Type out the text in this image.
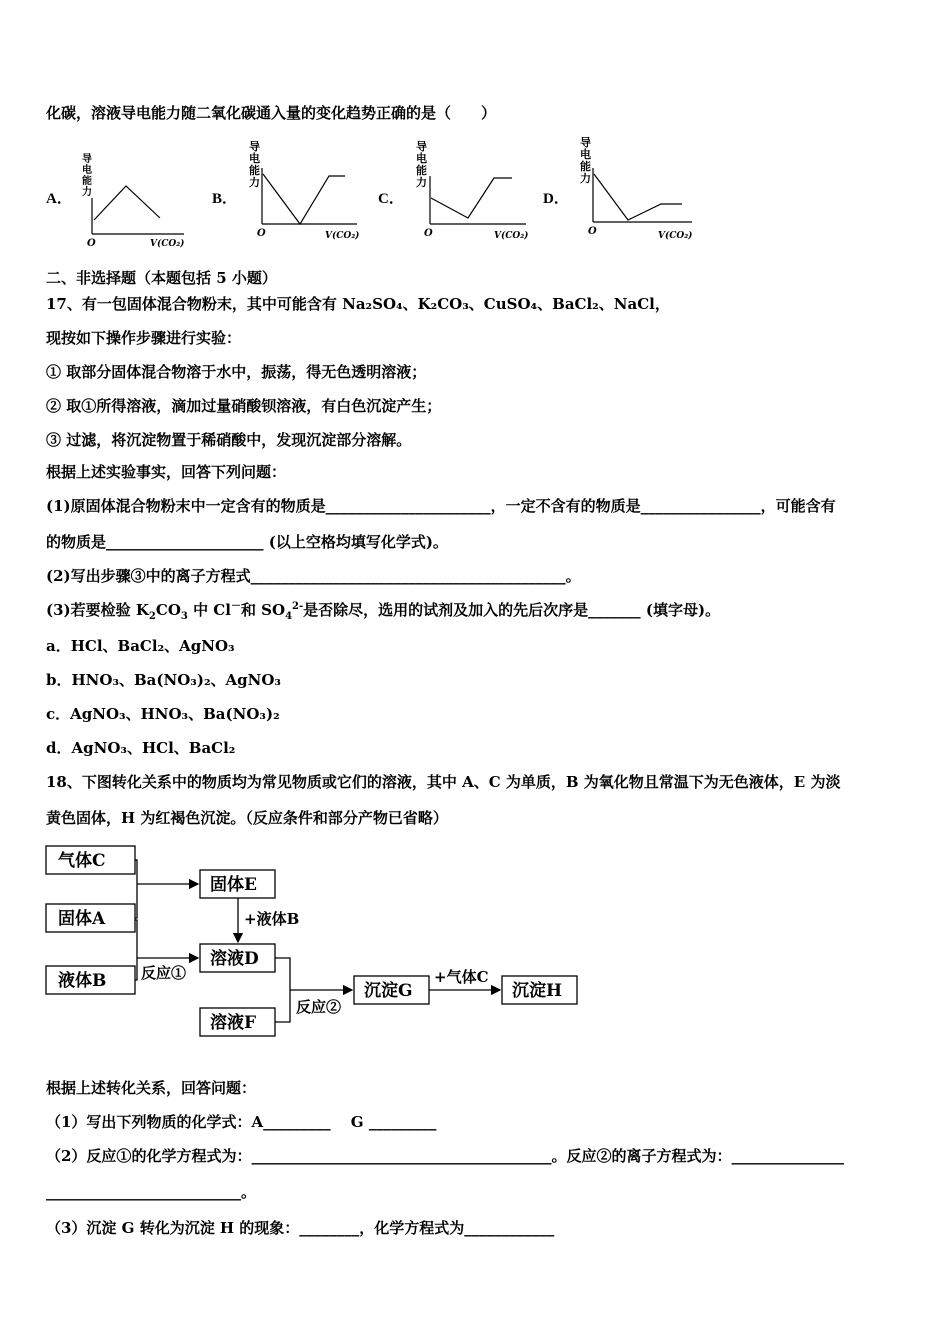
化碳，溶液导电能力随二氧化碳通入量的变化趋势正确的是（　　）
A．
导电能力
O	V(CO₂)
B．
导电能力
O	V(CO₂)
C．
导电能力
O	V(CO₂)
D．
导电能力
O	V(CO₂)
二、非选择题（本题包括 5 小题）
17、有一包固体混合物粉末，其中可能含有 Na₂SO₄、K₂CO₃、CuSO₄、BaCl₂、NaCl，
现按如下操作步骤进行实验：
① 取部分固体混合物溶于水中，振荡，得无色透明溶液；
② 取①所得溶液，滴加过量硝酸钡溶液，有白色沉淀产生；
③ 过滤，将沉淀物置于稀硝酸中，发现沉淀部分溶解。
根据上述实验事实，回答下列问题：
(1)原固体混合物粉末中一定含有的物质是______________________，一定不含有的物质是________________，可能含有
的物质是_____________________ (以上空格均填写化学式)。
(2)写出步骤③中的离子方程式__________________________________________。
(3)若要检验 $K_2CO_3$ 中 Cl－和 $SO_4^{2-}$是否除尽，选用的试剂及加入的先后次序是_______ (填字母)。
a．HCl、BaCl₂、AgNO₃
b．HNO₃、Ba(NO₃)₂、AgNO₃
c．AgNO₃、HNO₃、Ba(NO₃)₂
d．AgNO₃、HCl、BaCl₂
18、下图转化关系中的物质均为常见物质或它们的溶液，其中 A、C 为单质，B 为氧化物且常温下为无色液体，E 为淡
黄色固体，H 为红褐色沉淀。（反应条件和部分产物已省略）
气体C
固体A
液体B
固体E
溶液D
溶液F
沉淀G	沉淀H
+液体B
反应①
反应②
+气体C
根据上述转化关系，回答问题：
（1）写出下列物质的化学式：A_________　 G _________
（2）反应①的化学方程式为：________________________________________。反应②的离子方程式为：_______________
__________________________。
（3）沉淀 G 转化为沉淀 H 的现象：________，化学方程式为____________
